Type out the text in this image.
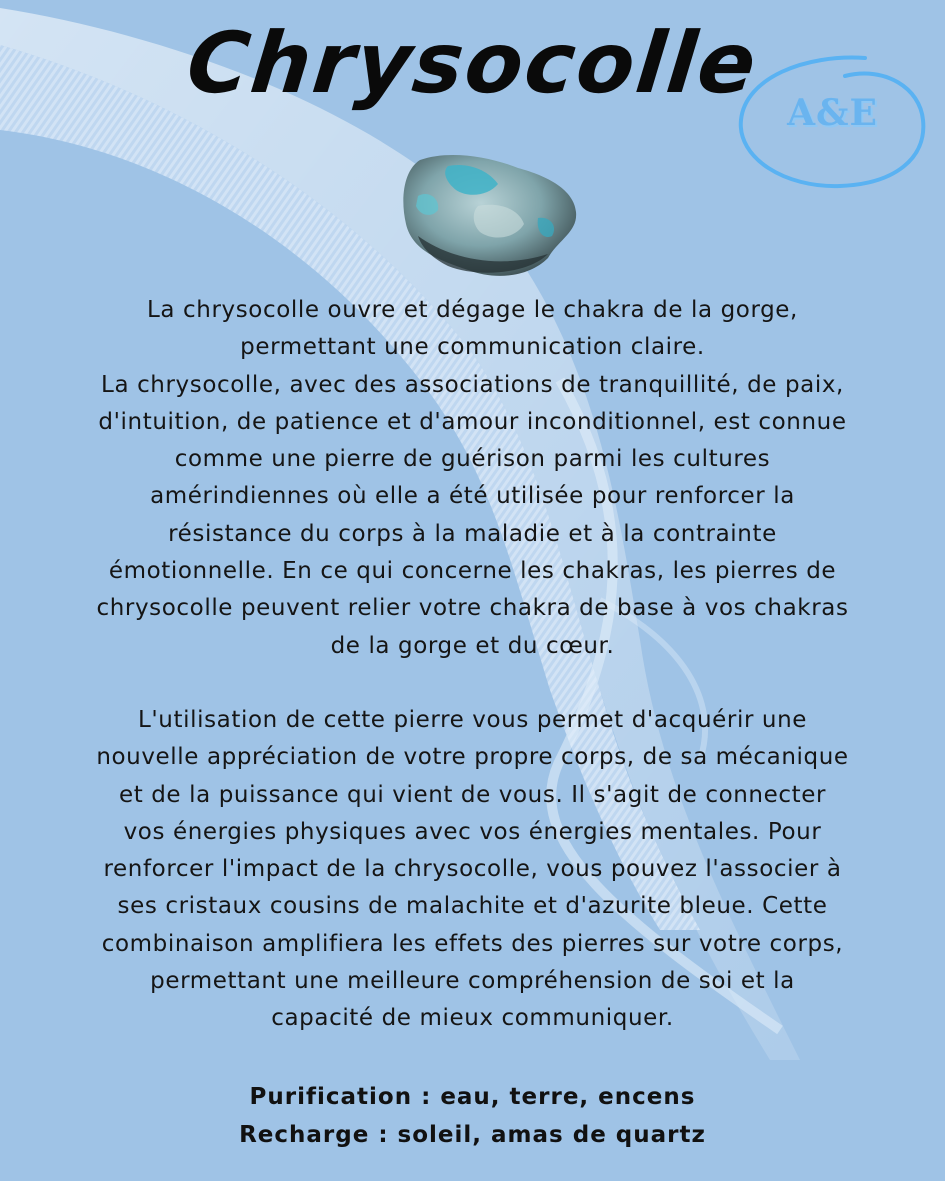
Chrysocolle
A&E

La chrysocolle ouvre et dégage le chakra de la gorge,
permettant une communication claire.
La chrysocolle, avec des associations de tranquillité, de paix,
d'intuition, de patience et d'amour inconditionnel, est connue
comme une pierre de guérison parmi les cultures
amérindiennes où elle a été utilisée pour renforcer la
résistance du corps à la maladie et à la contrainte
émotionnelle. En ce qui concerne les chakras, les pierres de
chrysocolle peuvent relier votre chakra de base à vos chakras
de la gorge et du cœur.

L'utilisation de cette pierre vous permet d'acquérir une
nouvelle appréciation de votre propre corps, de sa mécanique
et de la puissance qui vient de vous. Il s'agit de connecter
vos énergies physiques avec vos énergies mentales. Pour
renforcer l'impact de la chrysocolle, vous pouvez l'associer à
ses cristaux cousins de malachite et d'azurite bleue. Cette
combinaison amplifiera les effets des pierres sur votre corps,
permettant une meilleure compréhension de soi et la
capacité de mieux communiquer.

Purification : eau, terre, encens
Recharge : soleil, amas de quartz
